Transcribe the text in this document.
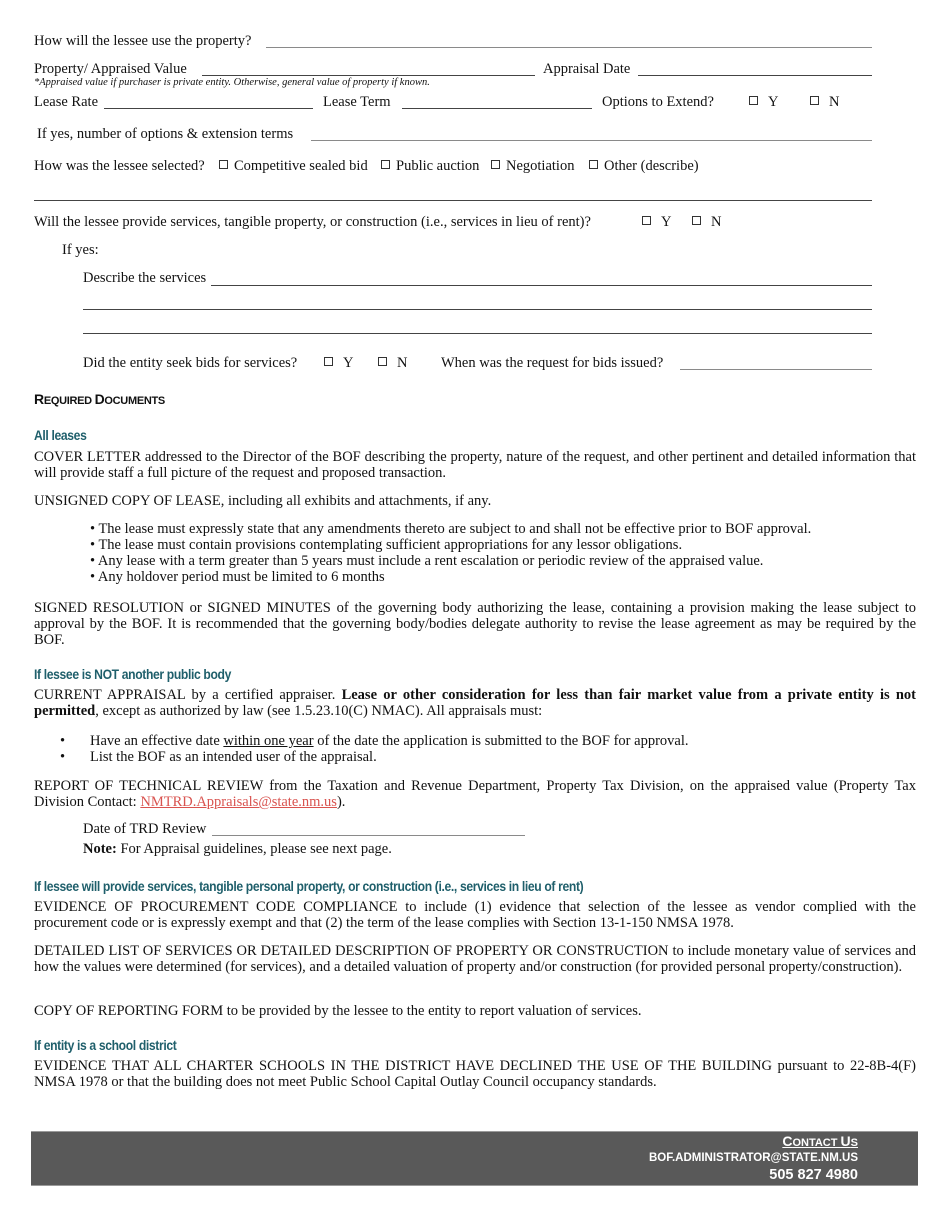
How will the lessee use the property?
Property/ Appraised Value	Appraisal Date
*Appraised value if purchaser is private entity. Otherwise, general value of property if known.
Lease Rate	Lease Term	Options to Extend?	Y	N
If yes, number of options & extension terms
How was the lessee selected?	Competitive sealed bid	Public auction	Negotiation	Other (describe)
Will the lessee provide services, tangible property, or construction (i.e., services in lieu of rent)?	Y	N
If yes:
Describe the services
Did the entity seek bids for services?	Y	N When was the request for bids issued?
REQUIRED DOCUMENTS
All leases
COVER LETTER addressed to the Director of the BOF describing the property, nature of the request, and other pertinent and detailed information that will provide staff a full picture of the request and proposed transaction.
UNSIGNED COPY OF LEASE, including all exhibits and attachments, if any.
• The lease must expressly state that any amendments thereto are subject to and shall not be effective prior to BOF approval.
• The lease must contain provisions contemplating sufficient appropriations for any lessor obligations.
• Any lease with a term greater than 5 years must include a rent escalation or periodic review of the appraised value.
• Any holdover period must be limited to 6 months
SIGNED RESOLUTION or SIGNED MINUTES of the governing body authorizing the lease, containing a provision making the lease subject to approval by the BOF. It is recommended that the governing body/bodies delegate authority to revise the lease agreement as may be required by the BOF.
If lessee is NOT another public body
CURRENT APPRAISAL by a certified appraiser. Lease or other consideration for less than fair market value from a private entity is not permitted, except as authorized by law (see 1.5.23.10(C) NMAC). All appraisals must:
• Have an effective date within one year of the date the application is submitted to the BOF for approval.
• List the BOF as an intended user of the appraisal.
REPORT OF TECHNICAL REVIEW from the Taxation and Revenue Department, Property Tax Division, on the appraised value (Property Tax Division Contact: NMTRD.Appraisals@state.nm.us).
Date of TRD Review
Note: For Appraisal guidelines, please see next page.
If lessee will provide services, tangible personal property, or construction (i.e., services in lieu of rent)
EVIDENCE OF PROCUREMENT CODE COMPLIANCE to include (1) evidence that selection of the lessee as vendor complied with the procurement code or is expressly exempt and that (2) the term of the lease complies with Section 13-1-150 NMSA 1978.
DETAILED LIST OF SERVICES OR DETAILED DESCRIPTION OF PROPERTY OR CONSTRUCTION to include monetary value of services and how the values were determined (for services), and a detailed valuation of property and/or construction (for provided personal property/construction).
COPY OF REPORTING FORM to be provided by the lessee to the entity to report valuation of services.
If entity is a school district
EVIDENCE THAT ALL CHARTER SCHOOLS IN THE DISTRICT HAVE DECLINED THE USE OF THE BUILDING pursuant to 22-8B-4(F) NMSA 1978 or that the building does not meet Public School Capital Outlay Council occupancy standards.
CONTACT US
BOF.ADMINISTRATOR@STATE.NM.US
505 827 4980
